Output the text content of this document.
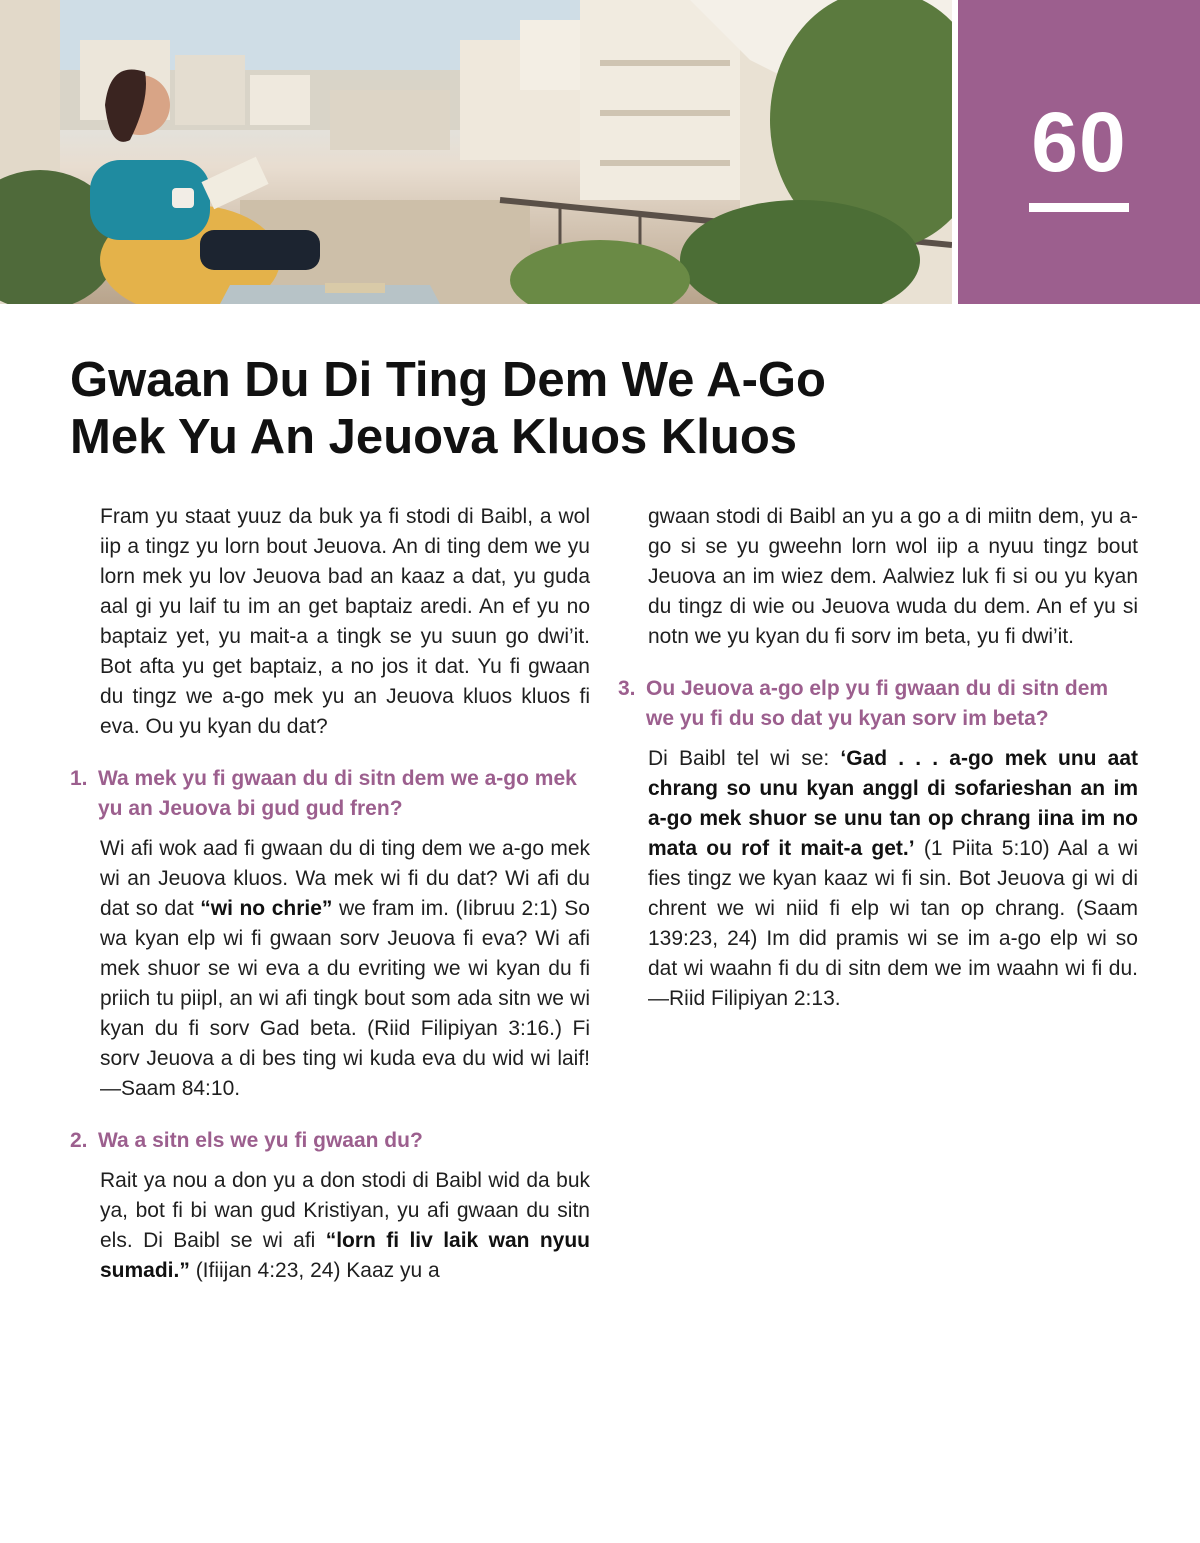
60
Gwaan Du Di Ting Dem We A-Go
Mek Yu An Jeuova Kluos Kluos

Fram yu staat yuuz da buk ya fi stodi di Baibl, a wol iip a tingz yu lorn bout Jeuova. An di ting dem we yu lorn mek yu lov Jeuova bad an kaaz a dat, yu guda aal gi yu laif tu im an get baptaiz aredi. An ef yu no baptaiz yet, yu mait-a a tingk se yu suun go dwi’it. Bot afta yu get baptaiz, a no jos it dat. Yu fi gwaan du tingz we a-go mek yu an Jeuova kluos kluos fi eva. Ou yu kyan du dat?

1. Wa mek yu fi gwaan du di sitn dem we a-go mek yu an Jeuova bi gud gud fren?

Wi afi wok aad fi gwaan du di ting dem we a-go mek wi an Jeuova kluos. Wa mek wi fi du dat? Wi afi du dat so dat “wi no chrie” we fram im. (Iibruu 2:1) So wa kyan elp wi fi gwaan sorv Jeuova fi eva? Wi afi mek shuor se wi eva a du evriting we wi kyan du fi priich tu piipl, an wi afi tingk bout som ada sitn we wi kyan du fi sorv Gad beta. (Riid Filipiyan 3:16.) Fi sorv Jeuova a di bes ting wi kuda eva du wid wi laif!—Saam 84:10.

2. Wa a sitn els we yu fi gwaan du?

Rait ya nou a don yu a don stodi di Baibl wid da buk ya, bot fi bi wan gud Kristiyan, yu afi gwaan du sitn els. Di Baibl se wi afi “lorn fi liv laik wan nyuu sumadi.” (Ifiijan 4:23, 24) Kaaz yu a

gwaan stodi di Baibl an yu a go a di miitn dem, yu a-go si se yu gweehn lorn wol iip a nyuu tingz bout Jeuova an im wiez dem. Aalwiez luk fi si ou yu kyan du tingz di wie ou Jeuova wuda du dem. An ef yu si notn we yu kyan du fi sorv im beta, yu fi dwi’it.

3. Ou Jeuova a-go elp yu fi gwaan du di sitn dem we yu fi du so dat yu kyan sorv im beta?

Di Baibl tel wi se: ‘Gad . . . a-go mek unu aat chrang so unu kyan anggl di sofarieshan an im a-go mek shuor se unu tan op chrang iina im no mata ou rof it mait-a get.’ (1 Piita 5:10) Aal a wi fies tingz we kyan kaaz wi fi sin. Bot Jeuova gi wi di chrent we wi niid fi elp wi tan op chrang. (Saam 139:23, 24) Im did pramis wi se im a-go elp wi so dat wi waahn fi du di sitn dem we im waahn wi fi du.—Riid Filipiyan 2:13.
